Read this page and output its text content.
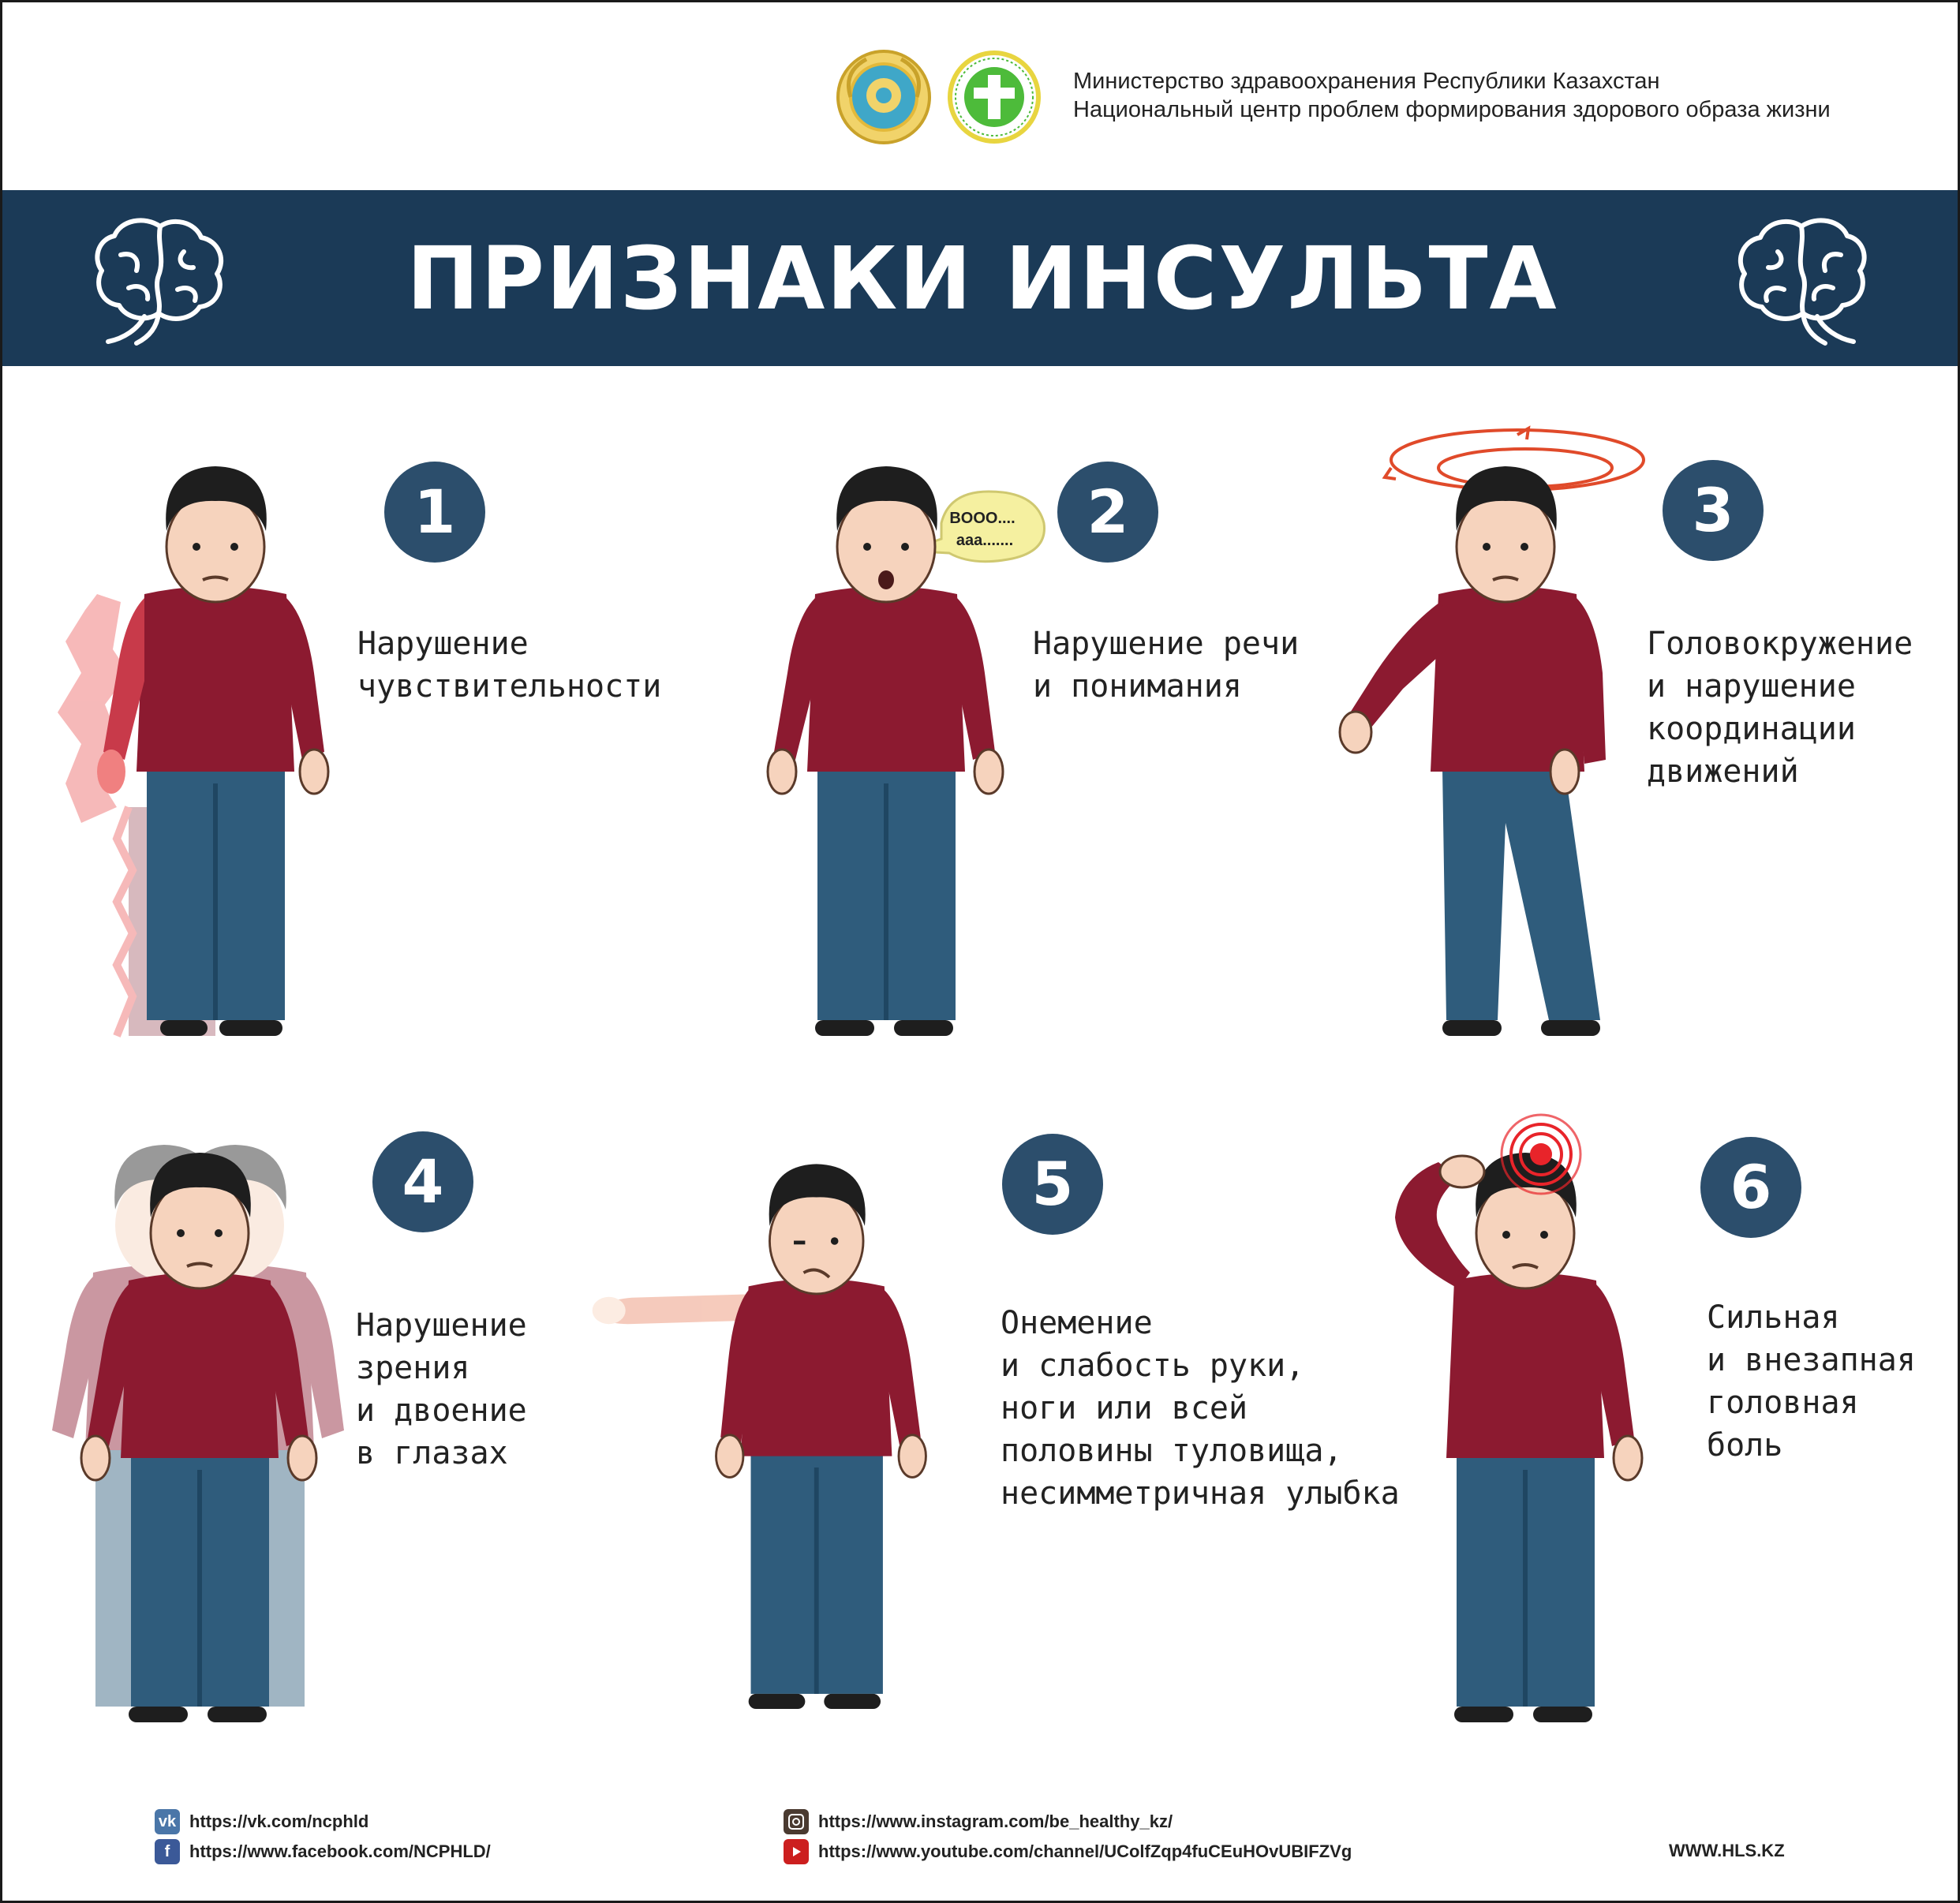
Министерство здравоохранения Республики Казахстан
Национальный центр проблем формирования здорового образа жизни
ПРИЗНАКИ ИНСУЛЬТА
1
Нарушение
чувствительности
BOOO....
aaa.......	2
Нарушение речи
и понимания
3
Головокружение
и нарушение
координации
движений
4
Нарушение
зрения
и двоение
в глазах
5
Онемение
и слабость руки,
ноги или всей
половины туловища,
несимметричная улыбка
6
Сильная
и внезапная
головная
боль
vk https://vk.com/ncphld
f	https://www.facebook.com/NCPHLD/
https://www.instagram.com/be_healthy_kz/
https://www.youtube.com/channel/UColfZqp4fuCEuHOvUBIFZVg	WWW.HLS.KZ
